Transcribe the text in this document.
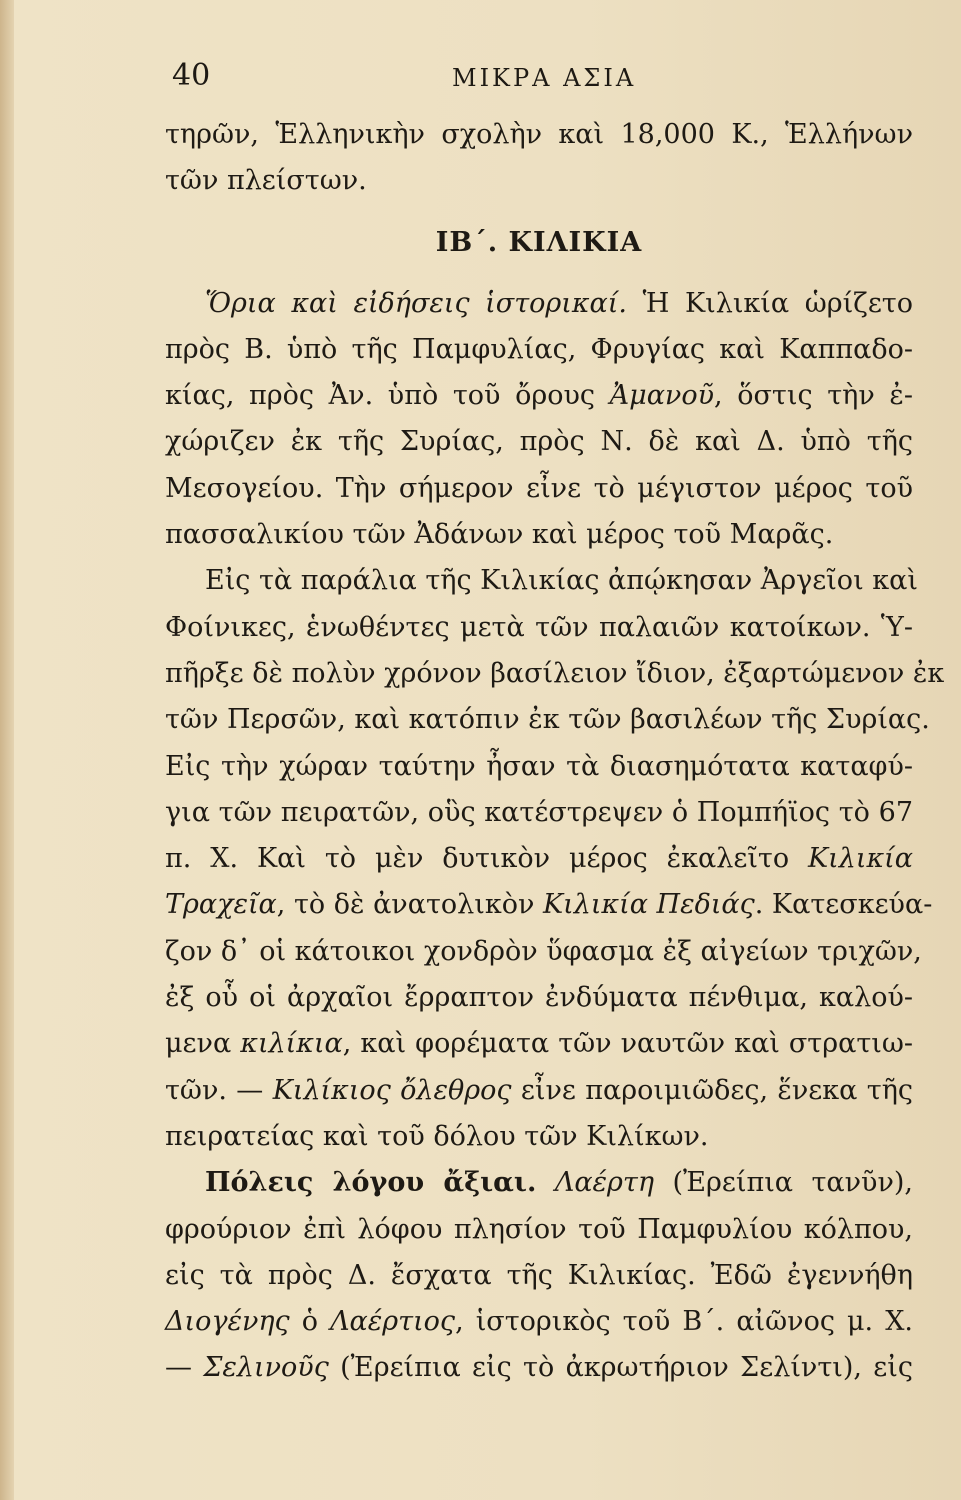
40	ΜΙΚΡΑ ΑΣΙΑ
τηρῶν, Ἑλληνικὴν σχολὴν καὶ 18,000 Κ., Ἑλλήνων
τῶν πλείστων.
ΙΒ΄. ΚΙΛΙΚΙΑ
Ὅρια καὶ εἰδήσεις ἱστορικαί. Ἡ Κιλικία ὡρίζετο
πρὸς Β. ὑπὸ τῆς Παμφυλίας, Φρυγίας καὶ Καππαδο-
κίας, πρὸς Ἀν. ὑπὸ τοῦ ὄρους Ἀμανοῦ, ὅστις τὴν ἐ-
χώριζεν ἐκ τῆς Συρίας, πρὸς Ν. δὲ καὶ Δ. ὑπὸ τῆς
Μεσογείου. Τὴν σήμερον εἶνε τὸ μέγιστον μέρος τοῦ
πασσαλικίου τῶν Ἀδάνων καὶ μέρος τοῦ Μαρᾶς.
Εἰς τὰ παράλια τῆς Κιλικίας ἀπῴκησαν Ἀργεῖοι καὶ
Φοίνικες, ἑνωθέντες μετὰ τῶν παλαιῶν κατοίκων. Ὑ-
πῆρξε δὲ πολὺν χρόνον βασίλειον ἴδιον, ἐξαρτώμενον ἐκ
τῶν Περσῶν, καὶ κατόπιν ἐκ τῶν βασιλέων τῆς Συρίας.
Εἰς τὴν χώραν ταύτην ἦσαν τὰ διασημότατα καταφύ-
για τῶν πειρατῶν, οὓς κατέστρεψεν ὁ Πομπήϊος τὸ 67
π. Χ. Καὶ τὸ μὲν δυτικὸν μέρος ἐκαλεῖτο Κιλικία
Τραχεῖα, τὸ δὲ ἀνατολικὸν Κιλικία Πεδιάς. Κατεσκεύα-
ζον δ᾽ οἱ κάτοικοι χονδρὸν ὕφασμα ἐξ αἰγείων τριχῶν,
ἐξ οὗ οἱ ἀρχαῖοι ἔρραπτον ἐνδύματα πένθιμα, καλού-
μενα κιλίκια, καὶ φορέματα τῶν ναυτῶν καὶ στρατιω-
τῶν. — Κιλίκιος ὄλεθρος εἶνε παροιμιῶδες, ἕνεκα τῆς
πειρατείας καὶ τοῦ δόλου τῶν Κιλίκων.
Πόλεις λόγου ἄξιαι. Λαέρτη (Ἐρείπια τανῦν),
φρούριον ἐπὶ λόφου πλησίον τοῦ Παμφυλίου κόλπου,
εἰς τὰ πρὸς Δ. ἔσχατα τῆς Κιλικίας. Ἐδῶ ἐγεννήθη
Διογένης ὁ Λαέρτιος, ἱστορικὸς τοῦ Β΄. αἰῶνος μ. Χ.
— Σελινοῦς (Ἐρείπια εἰς τὸ ἀκρωτήριον Σελίντι), εἰς
